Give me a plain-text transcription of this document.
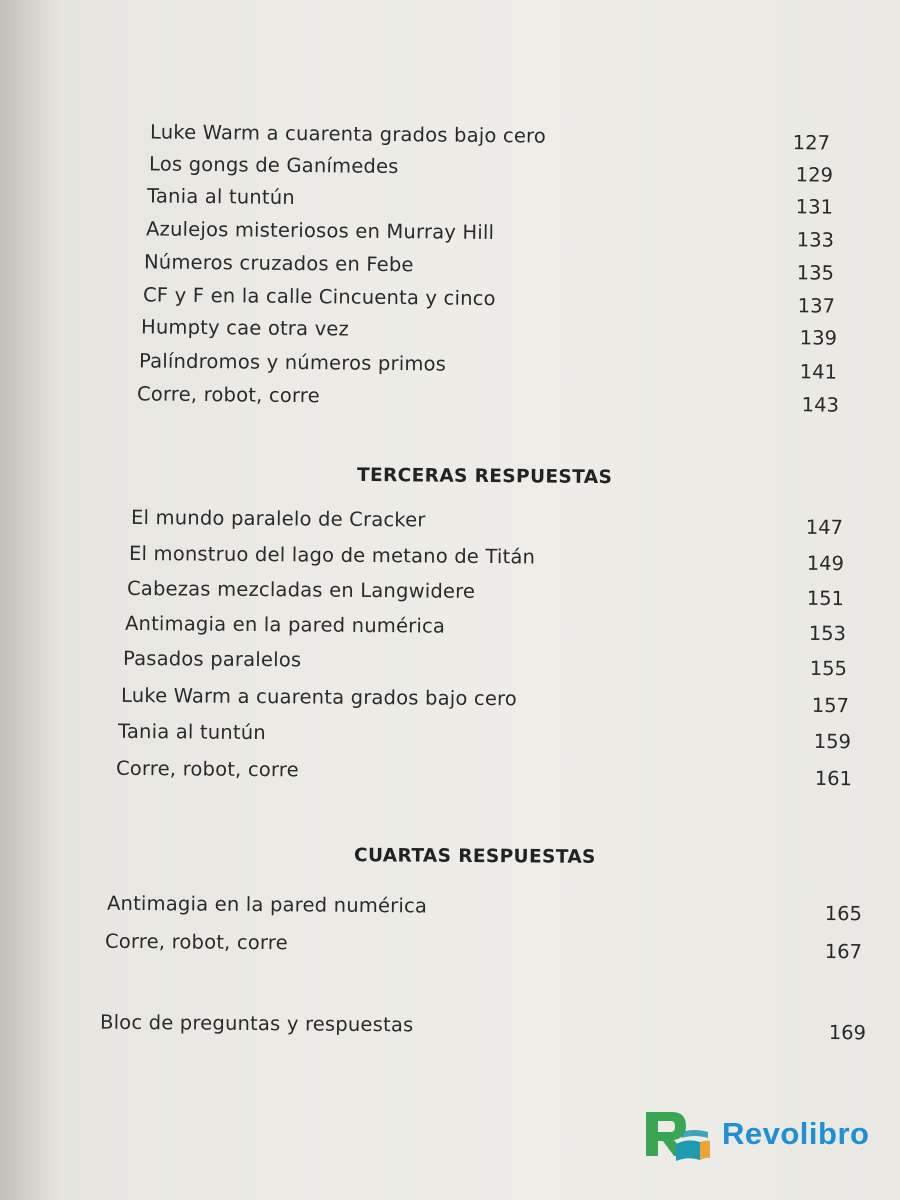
Luke Warm a cuarenta grados bajo cero	127
Los gongs de Ganímedes	129
Tania al tuntún	131
Azulejos misteriosos en Murray Hill	133
Números cruzados en Febe	135
CF y F en la calle Cincuenta y cinco	137
Humpty cae otra vez	139
Palíndromos y números primos	141
Corre, robot, corre	143
TERCERAS RESPUESTAS
El mundo paralelo de Cracker	147
El monstruo del lago de metano de Titán	149
Cabezas mezcladas en Langwidere	151
Antimagia en la pared numérica	153
Pasados paralelos	155
Luke Warm a cuarenta grados bajo cero	157
Tania al tuntún	159
Corre, robot, corre	161
CUARTAS RESPUESTAS
Antimagia en la pared numérica	165
Corre, robot, corre	167
Bloc de preguntas y respuestas	169
Revolibro
